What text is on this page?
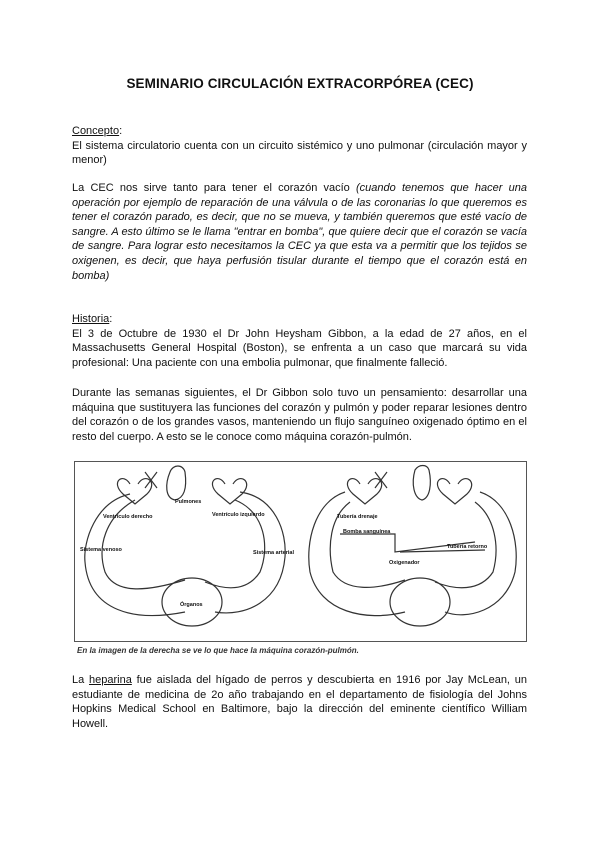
SEMINARIO CIRCULACIÓN EXTRACORPÓREA (CEC)
Concepto:
El sistema circulatorio cuenta con un circuito sistémico y uno pulmonar (circulación mayor y menor)
La CEC nos sirve tanto para tener el corazón vacío (cuando tenemos que hacer una operación por ejemplo de reparación de una válvula o de las coronarias lo que queremos es tener el corazón parado, es decir, que no se mueva, y también queremos que esté vacío de sangre. A esto último se le llama "entrar en bomba", que quiere decir que el corazón se vacía de sangre. Para lograr esto necesitamos la CEC ya que esta va a permitir que los tejidos se oxigenen, es decir, que haya perfusión tisular durante el tiempo que el corazón está en bomba)
Historia:
El 3 de Octubre de 1930 el Dr John Heysham Gibbon, a la edad de 27 años, en el Massachusetts General Hospital (Boston), se enfrenta a un caso que marcará su vida profesional: Una paciente con una embolia pulmonar, que finalmente falleció.
Durante las semanas siguientes, el Dr Gibbon solo tuvo un pensamiento: desarrollar una máquina que sustituyera las funciones del corazón y pulmón y poder reparar lesiones dentro del corazón o de los grandes vasos, manteniendo un flujo sanguíneo oxigenado óptimo en el resto del cuerpo. A esto se le conoce como máquina corazón-pulmón.
Pulmones
Ventrículo derecho	Ventrículo izquierdo
Sistema venoso	Sistema arterial
Órganos
Tubería drenaje
Bomba sanguínea
Tubería retorno
Oxigenador
En la imagen de la derecha se ve lo que hace la máquina corazón-pulmón.
La heparina fue aislada del hígado de perros y descubierta en 1916 por Jay McLean, un estudiante de medicina de 2o año trabajando en el departamento de fisiología del Johns Hopkins Medical School en Baltimore, bajo la dirección del eminente científico William Howell.
